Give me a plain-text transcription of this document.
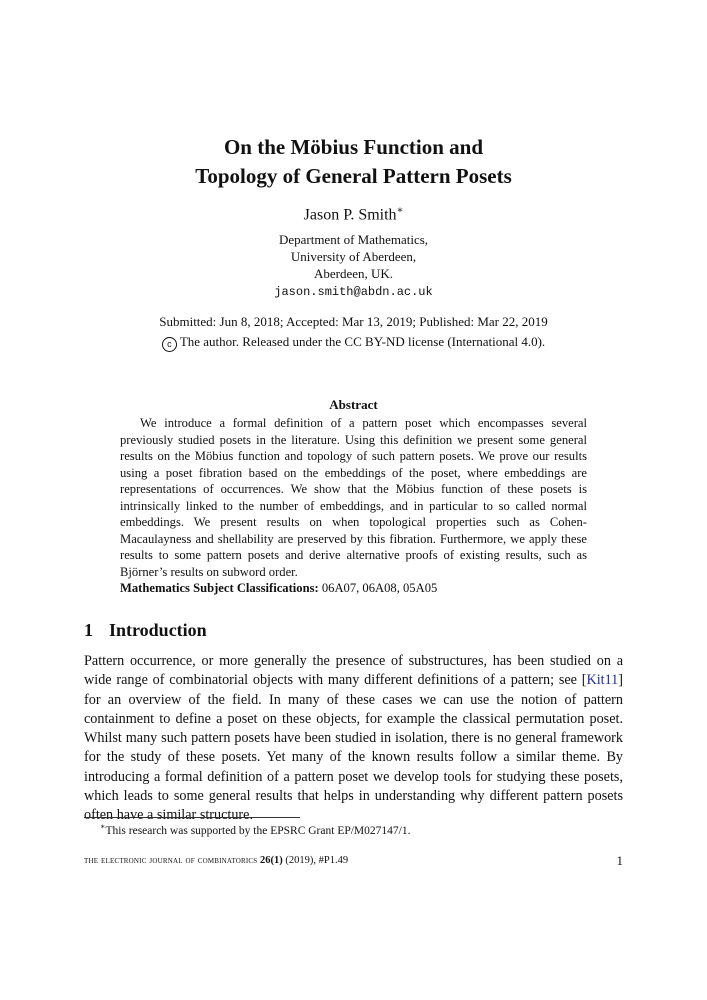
On the Möbius Function and
Topology of General Pattern Posets
Jason P. Smith∗
Department of Mathematics,
University of Aberdeen,
Aberdeen, UK.
jason.smith@abdn.ac.uk
Submitted: Jun 8, 2018; Accepted: Mar 13, 2019; Published: Mar 22, 2019
c The author. Released under the CC BY-ND license (International 4.0).
Abstract

We introduce a formal definition of a pattern poset which encompasses several previously studied posets in the literature. Using this definition we present some general results on the Möbius function and topology of such pattern posets. We prove our results using a poset fibration based on the embeddings of the poset, where embeddings are representations of occurrences. We show that the Möbius function of these posets is intrinsically linked to the number of embeddings, and in particular to so called normal embeddings. We present results on when topological properties such as Cohen-Macaulayness and shellability are preserved by this fibration. Furthermore, we apply these results to some pattern posets and derive alternative proofs of existing results, such as Björner’s results on subword order.

Mathematics Subject Classifications: 06A07, 06A08, 05A05
1 Introduction

Pattern occurrence, or more generally the presence of substructures, has been studied on a wide range of combinatorial objects with many different definitions of a pattern; see [Kit11] for an overview of the field. In many of these cases we can use the notion of pattern containment to define a poset on these objects, for example the classical permutation poset. Whilst many such pattern posets have been studied in isolation, there is no general framework for the study of these posets. Yet many of the known results follow a similar theme. By introducing a formal definition of a pattern poset we develop tools for studying these posets, which leads to some general results that helps in understanding why different pattern posets often have a similar structure.

∗This research was supported by the EPSRC Grant EP/M027147/1.
the electronic journal of combinatorics 26(1) (2019), #P1.49	1
